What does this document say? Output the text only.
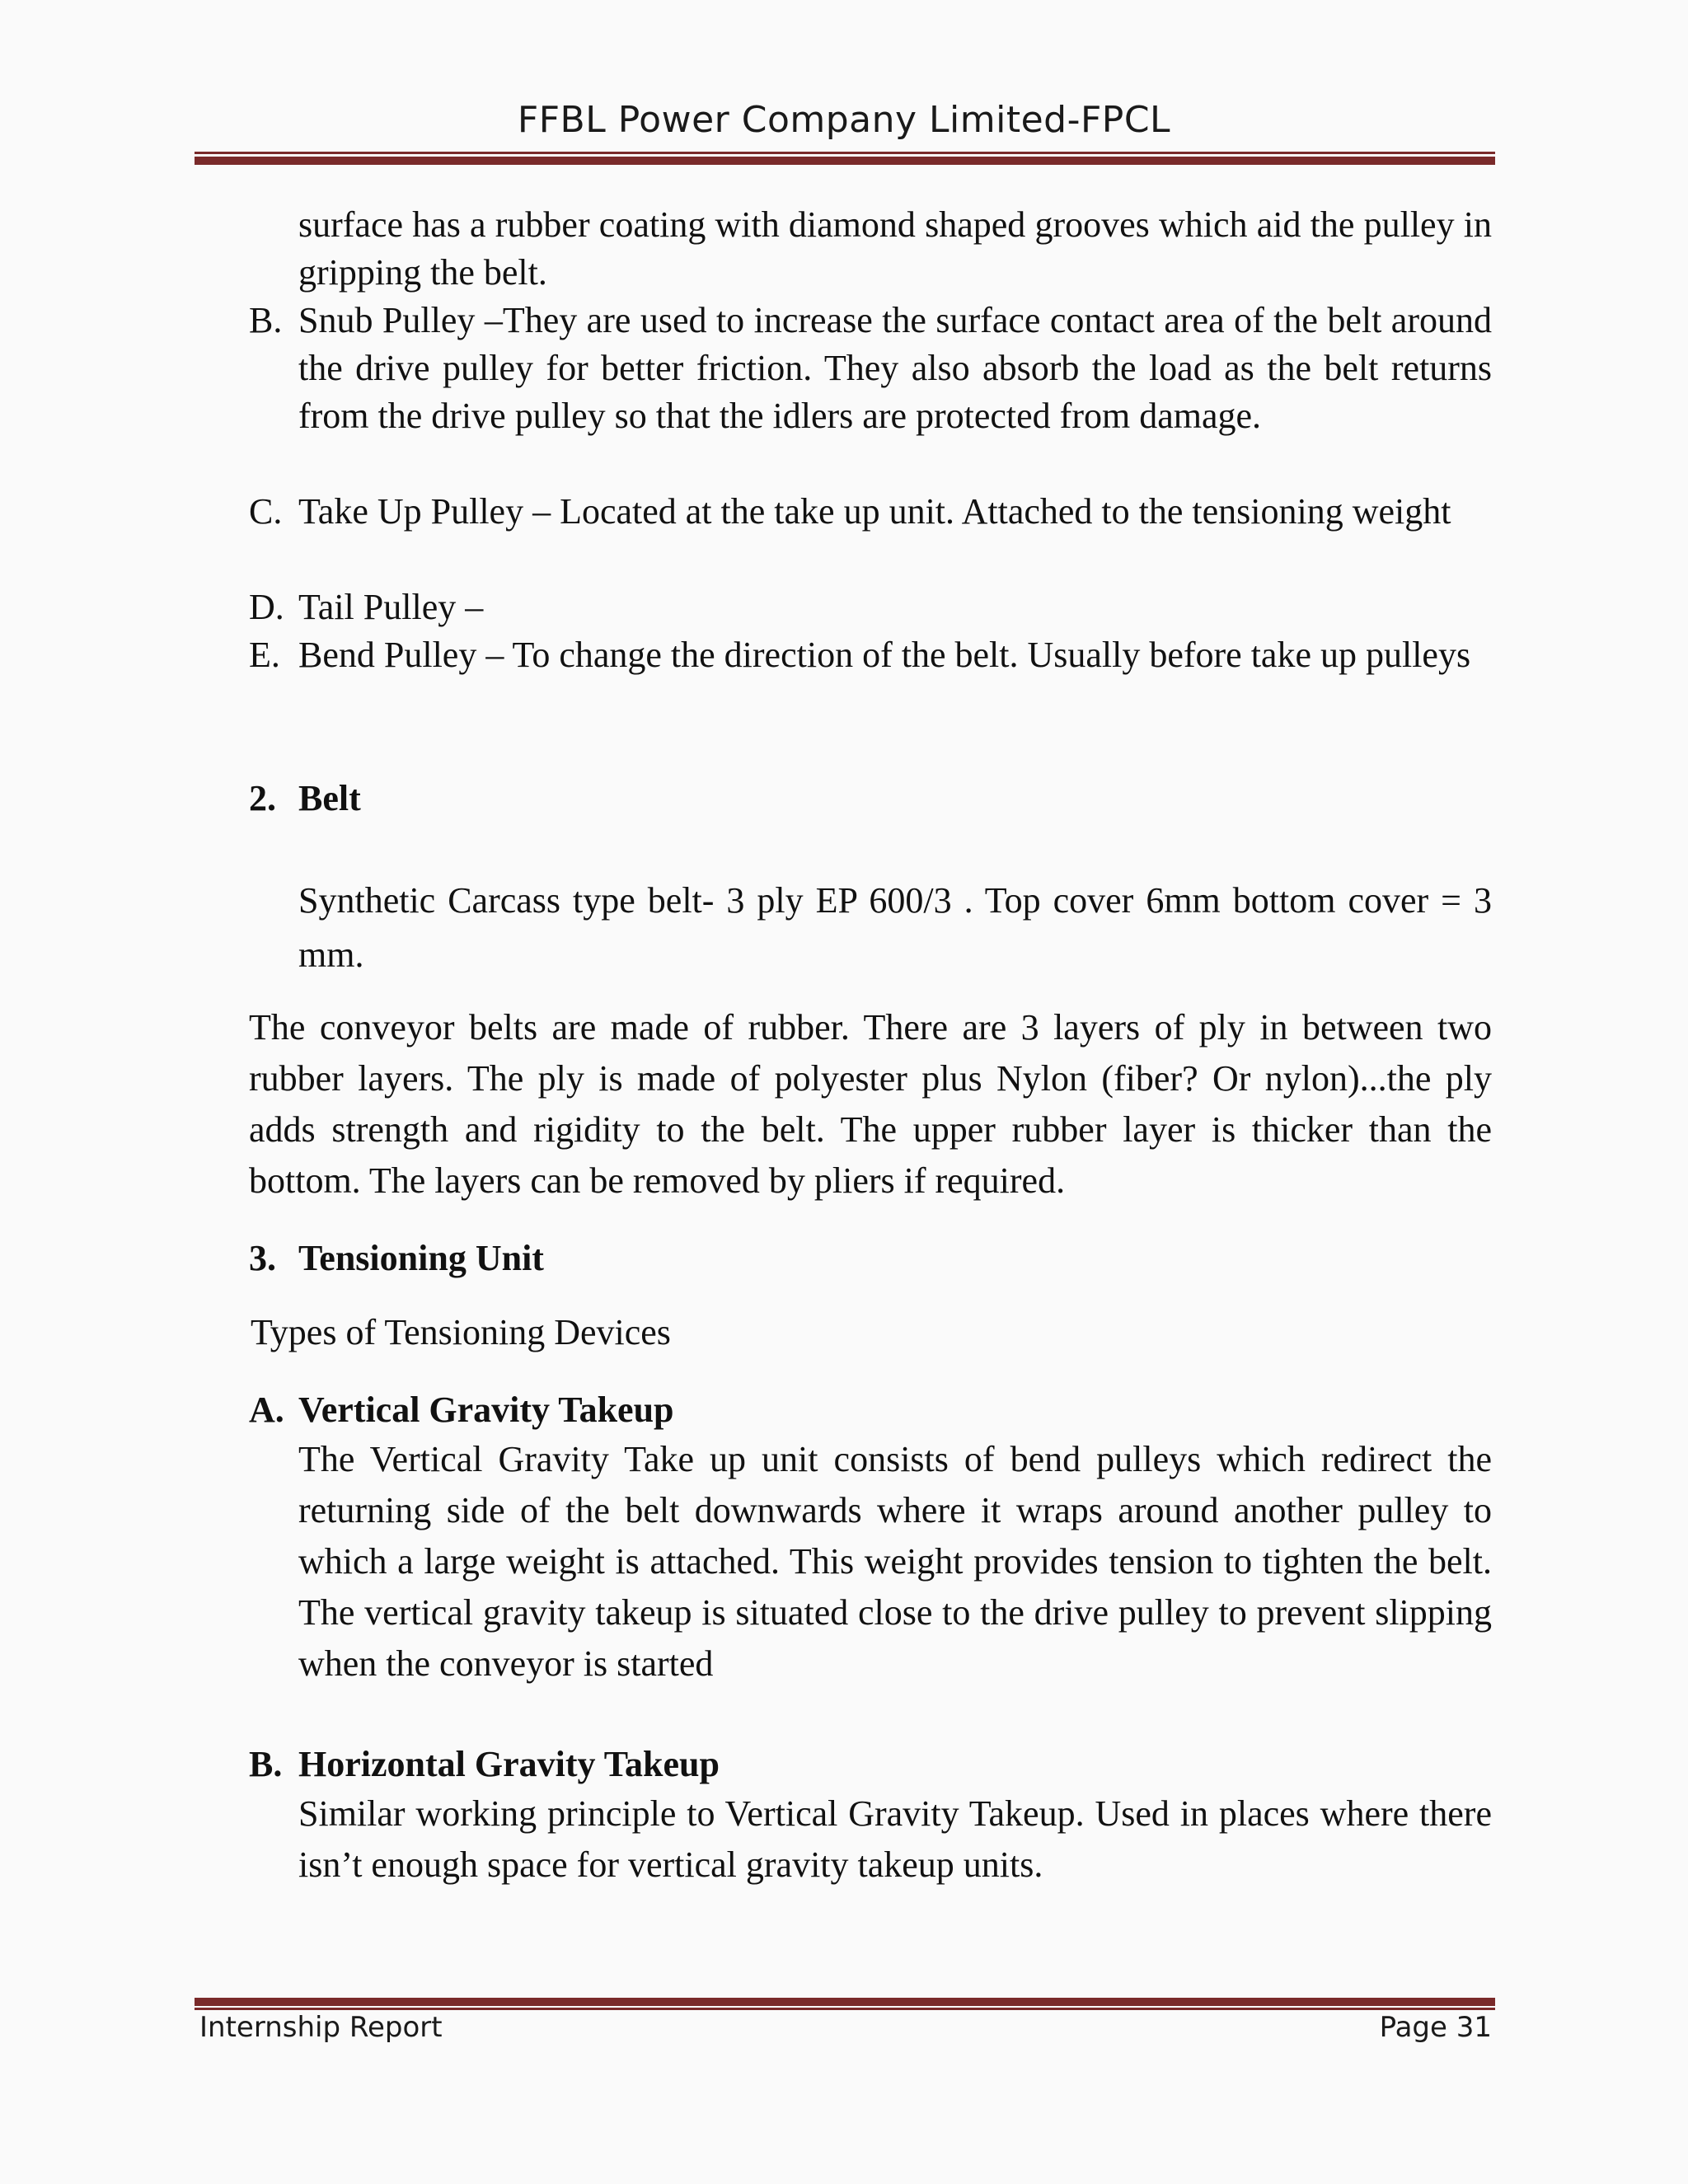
FFBL Power Company Limited-FPCL
surface has a rubber coating with diamond shaped grooves which aid the pulley in gripping the belt.
B. Snub Pulley –They are used to increase the surface contact area of the belt around the drive pulley for better friction. They also absorb the load as the belt returns from the drive pulley so that the idlers are protected from damage.
C. Take Up Pulley – Located at the take up unit. Attached to the tensioning weight
D. Tail Pulley –
E. Bend Pulley – To change the direction of the belt. Usually before take up pulleys
2. Belt
Synthetic Carcass type belt- 3 ply EP 600/3 . Top cover 6mm bottom cover = 3 mm.
The conveyor belts are made of rubber. There are 3 layers of ply in between two rubber layers. The ply is made of polyester plus Nylon (fiber? Or nylon)...the ply adds strength and rigidity to the belt. The upper rubber layer is thicker than the bottom. The layers can be removed by pliers if required.
3. Tensioning Unit
Types of Tensioning Devices
A. Vertical Gravity Takeup
The Vertical Gravity Take up unit consists of bend pulleys which redirect the returning side of the belt downwards where it wraps around another pulley to which a large weight is attached. This weight provides tension to tighten the belt. The vertical gravity takeup is situated close to the drive pulley to prevent slipping when the conveyor is started
B. Horizontal Gravity Takeup
Similar working principle to Vertical Gravity Takeup. Used in places where there isn’t enough space for vertical gravity takeup units.
Internship Report	Page 31
